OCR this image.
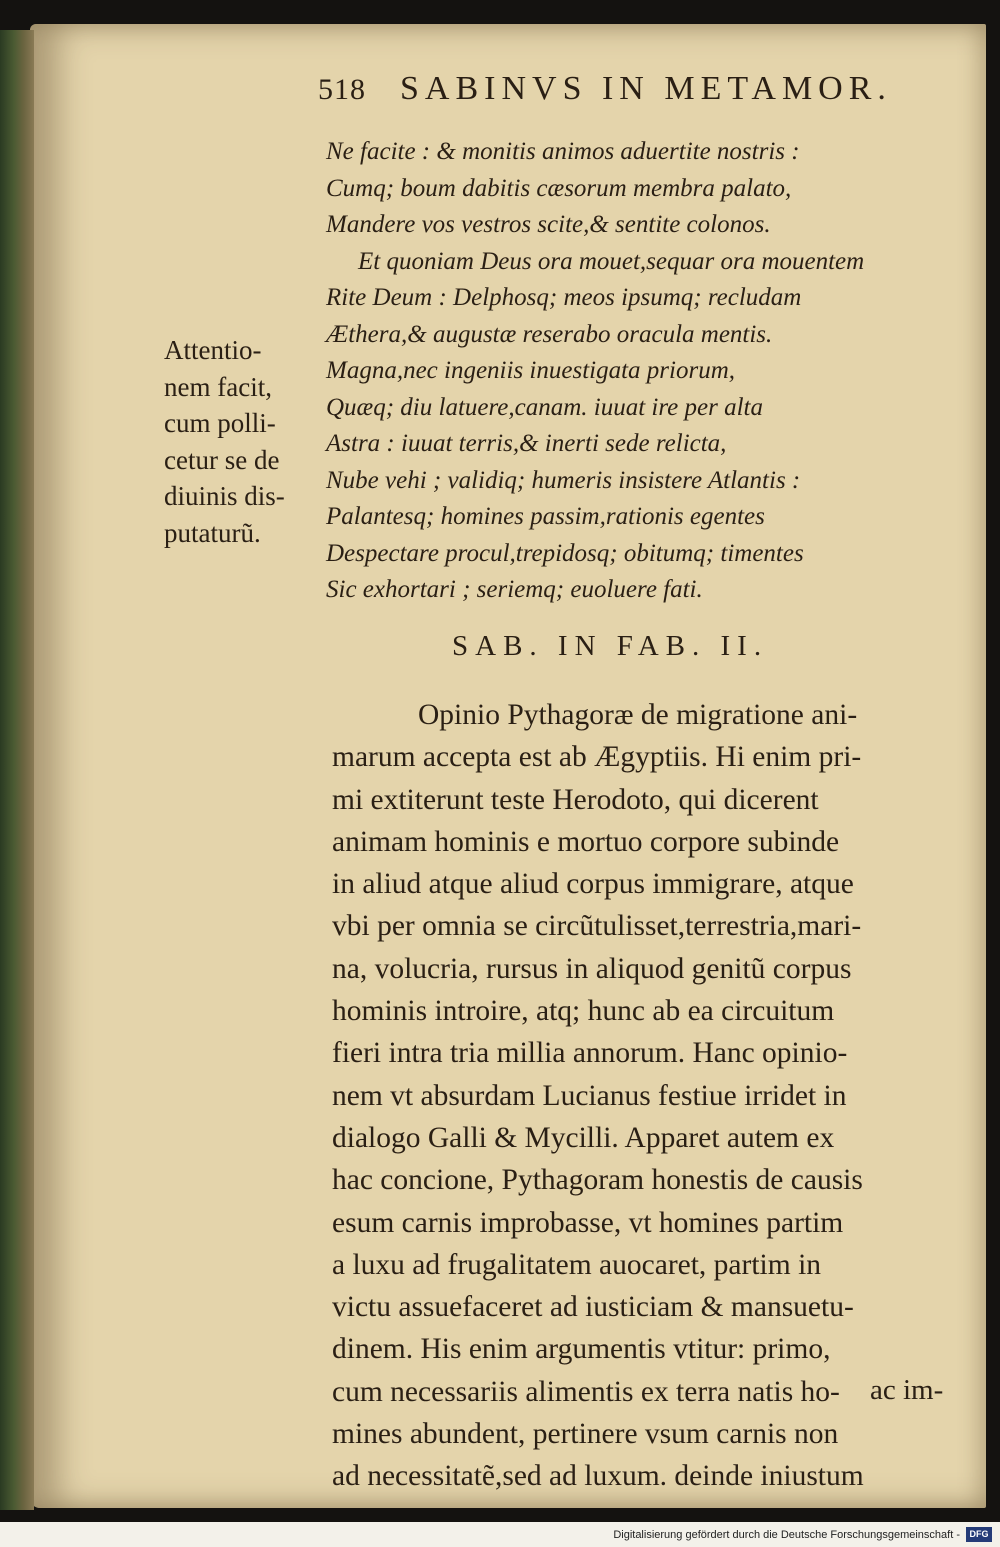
518 SABINVS IN METAMOR.
Ne facite : & monitis animos aduertite nostris :
Cumq; boum dabitis cæsorum membra palato,
Mandere vos vestros scite,& sentite colonos.
Et quoniam Deus ora mouet,sequar ora mouentem
Rite Deum : Delphosq; meos ipsumq; recludam
Æthera,& augustæ reserabo oracula mentis.
Magna,nec ingeniis inuestigata priorum,
Quæq; diu latuere,canam. iuuat ire per alta
Astra : iuuat terris,& inerti sede relicta,
Nube vehi ; validiq; humeris insistere Atlantis :
Palantesq; homines passim,rationis egentes
Despectare procul,trepidosq; obitumq; timentes
Sic exhortari ; seriemq; euoluere fati.
Attentio-
nem facit,
cum polli-
cetur se de
diuinis dis-
putaturũ.
SAB. IN FAB. II.
Opinio Pythagoræ de migratione ani-
marum accepta est ab Ægyptiis. Hi enim pri-
mi extiterunt teste Herodoto, qui dicerent
animam hominis e mortuo corpore subinde
in aliud atque aliud corpus immigrare, atque
vbi per omnia se circũtulisset,terrestria,mari-
na, volucria, rursus in aliquod genitũ corpus
hominis introire, atq; hunc ab ea circuitum
fieri intra tria millia annorum. Hanc opinio-
nem vt absurdam Lucianus festiue irridet in
dialogo Galli & Mycilli. Apparet autem ex
hac concione, Pythagoram honestis de causis
esum carnis improbasse, vt homines partim
a luxu ad frugalitatem auocaret, partim in
victu assuefaceret ad iusticiam & mansuetu-
dinem. His enim argumentis vtitur: primo,
cum necessariis alimentis ex terra natis ho-
mines abundent, pertinere vsum carnis non
ad necessitatẽ,sed ad luxum. deinde iniustum
ac im-
Digitalisierung gefördert durch die Deutsche Forschungsgemeinschaft -	DFG
